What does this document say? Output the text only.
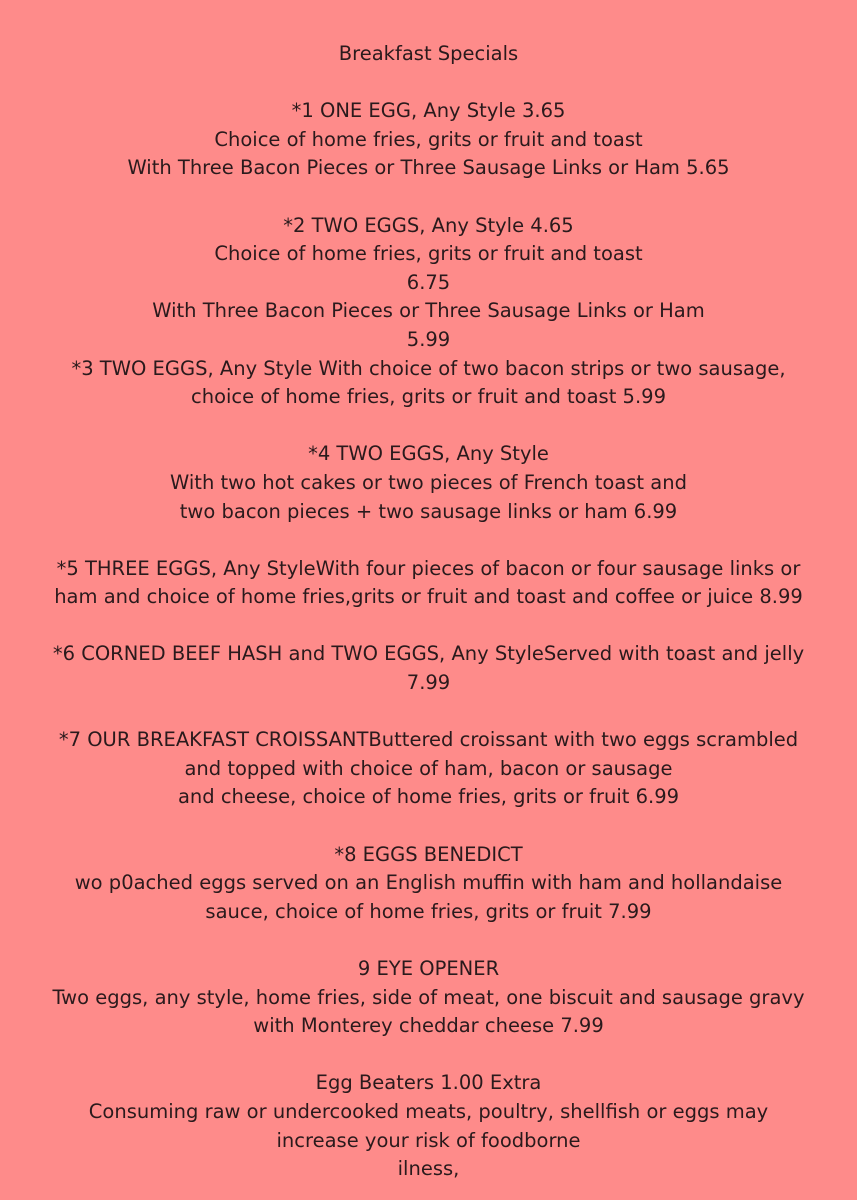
Breakfast Specials
*1 ONE EGG, Any Style 3.65
Choice of home fries, grits or fruit and toast
With Three Bacon Pieces or Three Sausage Links or Ham 5.65
*2 TWO EGGS, Any Style 4.65
Choice of home fries, grits or fruit and toast
6.75
With Three Bacon Pieces or Three Sausage Links or Ham
5.99
*3 TWO EGGS, Any Style With choice of two bacon strips or two sausage,
choice of home fries, grits or fruit and toast 5.99
*4 TWO EGGS, Any Style
With two hot cakes or two pieces of French toast and
two bacon pieces + two sausage links or ham 6.99
*5 THREE EGGS, Any StyleWith four pieces of bacon or four sausage links or
ham and choice of home fries,grits or fruit and toast and coffee or juice 8.99
*6 CORNED BEEF HASH and TWO EGGS, Any StyleServed with toast and jelly
7.99
*7 OUR BREAKFAST CROISSANTButtered croissant with two eggs scrambled
and topped with choice of ham, bacon or sausage
and cheese, choice of home fries, grits or fruit 6.99
*8 EGGS BENEDICT
wo p0ached eggs served on an English muffin with ham and hollandaise
sauce, choice of home fries, grits or fruit 7.99
9 EYE OPENER
Two eggs, any style, home fries, side of meat, one biscuit and sausage gravy
with Monterey cheddar cheese 7.99
Egg Beaters 1.00 Extra
Consuming raw or undercooked meats, poultry, shellfish or eggs may
increase your risk of foodborne
ilness,
